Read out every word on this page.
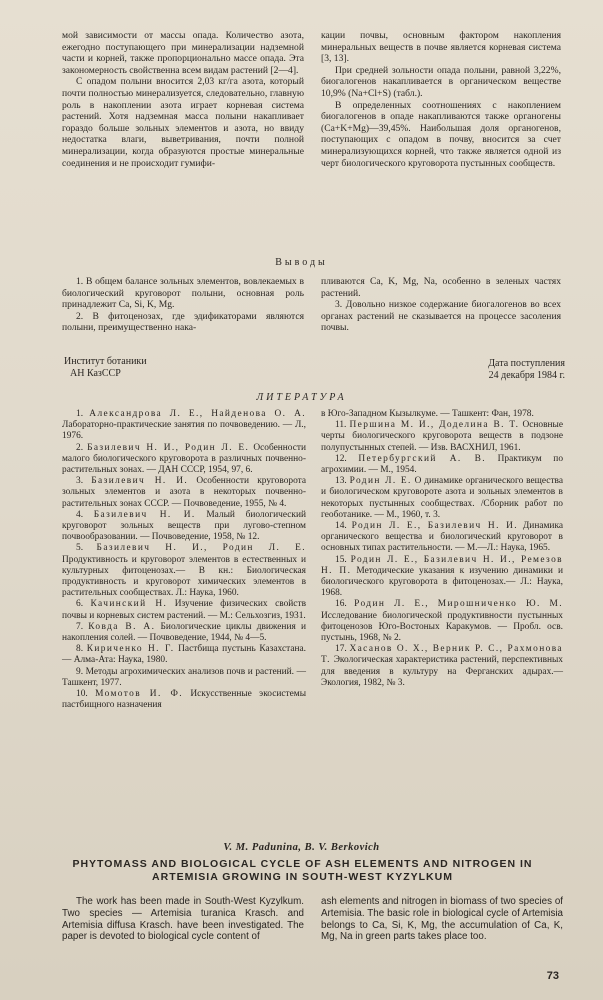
мой зависимости от массы опада. Количество азота, ежегодно поступающего при минерализации надземной части и корней, также пропорционально массе опада. Эта закономерность свойственна всем видам растений [2—4].

С опадом полыни вносится 2,03 кг/га азота, который почти полностью минерализуется, следовательно, главную роль в накоплении азота играет корневая система растений. Хотя надземная масса полыни накапливает гораздо больше зольных элементов и азота, но ввиду недостатка влаги, выветривания, почти полной минерализации, когда образуются простые минеральные соединения и не происходит гумифи-

кации почвы, основным фактором накопления минеральных веществ в почве является корневая система [3, 13].

При средней зольности опада полыни, равной 3,22%, биогалогенов накапливается в органическом веществе 10,9% (Na+Cl+S) (табл.).

В определенных соотношениях с накоплением биогалогенов в опаде накапливаются также органогены (Ca+K+Mg)—39,45%. Наибольшая доля органогенов, поступающих с опадом в почву, вносится за счет минерализующихся корней, что также является одной из черт биологического круговорота пустынных сообществ.

Выводы

1. В общем балансе зольных элементов, вовлекаемых в биологический круговорот полыни, основная роль принадлежит Ca, Si, K, Mg.

2. В фитоценозах, где эдификаторами являются полыни, преимущественно нака-

пливаются Ca, K, Mg, Na, особенно в зеленых частях растений.

3. Довольно низкое содержание биогалогенов во всех органах растений не сказывается на процессе засоления почвы.

Институт ботаники
АН КазССР
Дата поступления
24 декабря 1984 г.
ЛИТЕРАТУРА

1. Александрова Л. Е., Найденова О. А. Лабораторно-практические занятия по почвоведению. — Л., 1976.

2. Базилевич Н. И., Родин Л. Е. Особенности малого биологического круговорота в различных почвенно-растительных зонах. — ДАН СССР, 1954, 97, 6.

3. Базилевич Н. И. Особенности круговорота зольных элементов и азота в некоторых почвенно-растительных зонах СССР. — Почвоведение, 1955, № 4.

4. Базилевич Н. И. Малый биологический круговорот зольных веществ при лугово-степном почвообразовании. — Почвоведение, 1958, № 12.

5. Базилевич Н. И., Родин Л. Е. Продуктивность и круговорот элементов в естественных и культурных фитоценозах.— В кн.: Биологическая продуктивность и круговорот химических элементов в растительных сообществах. Л.: Наука, 1960.

6. Качинский Н. Изучение физических свойств почвы и корневых систем растений. — М.: Сельхозгиз, 1931.

7. Ковда В. А. Биологические циклы движения и накопления солей. — Почвоведение, 1944, № 4—5.

8. Кириченко Н. Г. Пастбища пустынь Казахстана. — Алма-Ата: Наука, 1980.

9. Методы агрохимических анализов почв и растений. — Ташкент, 1977.

10. Момотов И. Ф. Искусственные экосистемы пастбищного назначения

в Юго-Западном Кызылкуме. — Ташкент: Фан, 1978.

11. Першина М. И., Доделина В. Т. Основные черты биологического круговорота веществ в подзоне полупустынных степей. — Изв. ВАСХНИЛ, 1961.

12. Петербургский А. В. Практикум по агрохимии. — М., 1954.

13. Родин Л. Е. О динамике органического вещества и биологическом круговороте азота и зольных элементов в некоторых пустынных сообществах. /Сборник работ по геоботанике. — М., 1960, т. 3.

14. Родин Л. Е., Базилевич Н. И. Динамика органического вещества и биологический круговорот в основных типах растительности. — М.—Л.: Наука, 1965.

15. Родин Л. Е., Базилевич Н. И., Ремезов Н. П. Методические указания к изучению динамики и биологического круговорота в фитоценозах.— Л.: Наука, 1968.

16. Родин Л. Е., Мирошниченко Ю. М. Исследование биологической продуктивности пустынных фитоценозов Юго-Востоных Каракумов. — Пробл. осв. пустынь, 1968, № 2.

17. Хасанов О. Х., Верник Р. С., Рахмонова Т. Экологическая характеристика растений, перспективных для введения в культуру на Ферганских адырах.— Экология, 1982, № 3.

V. M. Padunina, B. V. Berkovich
PHYTOMASS AND BIOLOGICAL CYCLE OF ASH ELEMENTS AND NITROGEN IN ARTEMISIA GROWING IN SOUTH-WEST KYZYLKUM

The work has been made in South-West Kyzylkum. Two species — Artemisia turanica Krasch. and Artemisia diffusa Krasch. have been investigated. The paper is devoted to biological cycle content of

ash elements and nitrogen in biomass of two species of Artemisia. The basic role in biological cycle of Artemisia belongs to Ca, Si, K, Mg, the accumulation of Ca, K, Mg, Na in green parts takes place too.

73
